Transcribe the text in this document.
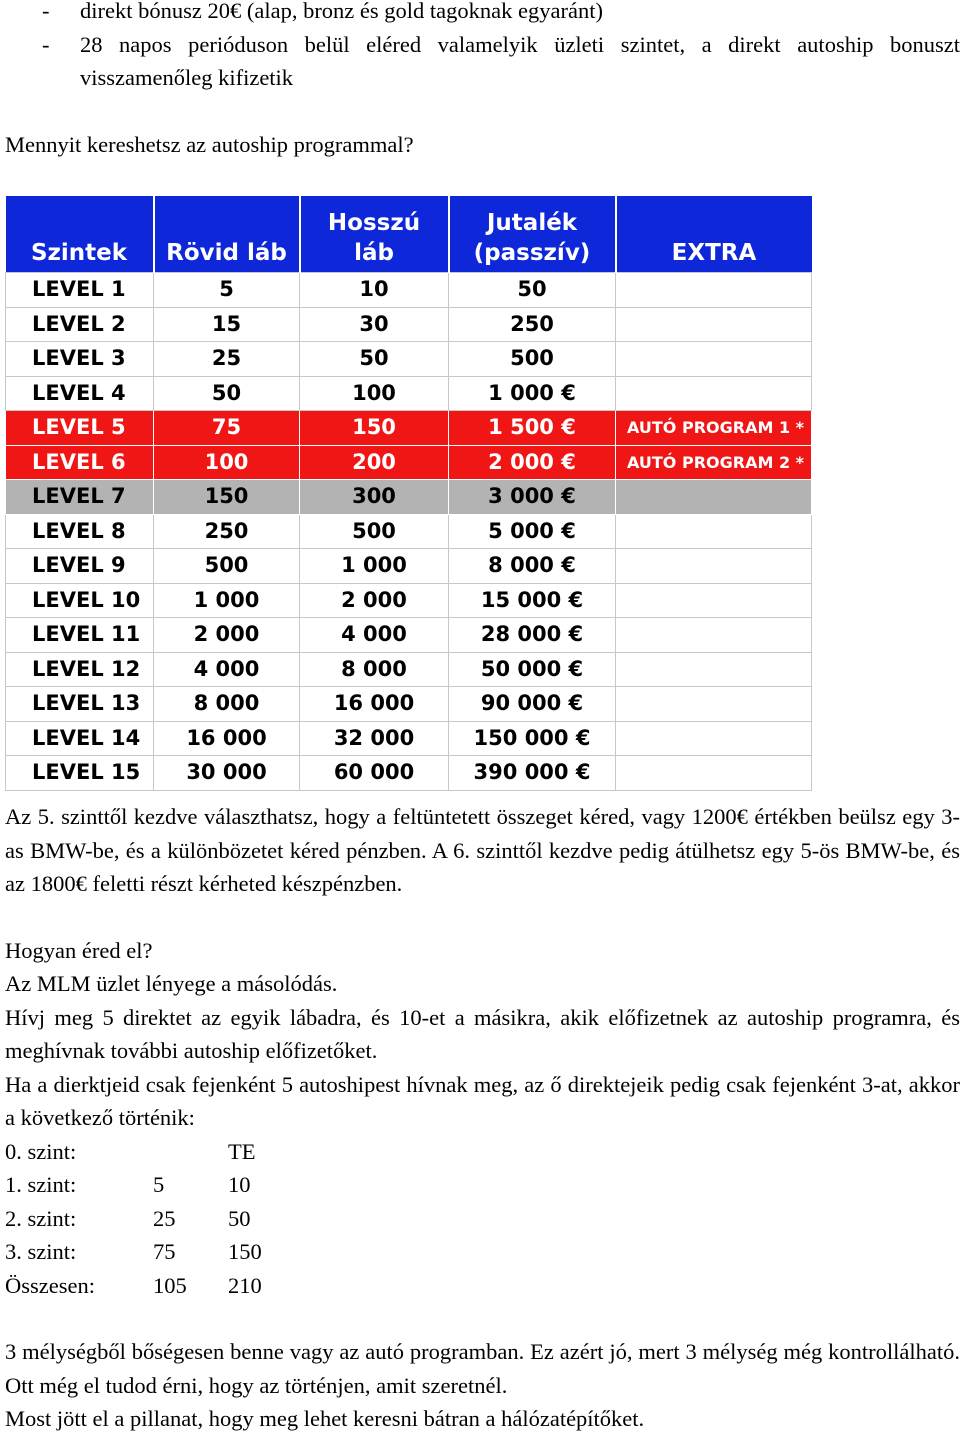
-	direkt bónusz 20€ (alap, bronz és gold tagoknak egyaránt)
-	28 napos perióduson belül eléred valamelyik üzleti szintet, a direkt autoship bonuszt visszamenőleg kifizetik

Mennyit kereshetsz az autoship programmal?

Szintek	Rövid láb	Hosszú láb	Jutalék (passzív)	EXTRA
LEVEL 1	5	10	50	
LEVEL 2	15	30	250	
LEVEL 3	25	50	500	
LEVEL 4	50	100	1 000 €	
LEVEL 5	75	150	1 500 €	AUTÓ PROGRAM 1 *
LEVEL 6	100	200	2 000 €	AUTÓ PROGRAM 2 *
LEVEL 7	150	300	3 000 €	
LEVEL 8	250	500	5 000 €	
LEVEL 9	500	1 000	8 000 €	
LEVEL 10	1 000	2 000	15 000 €	
LEVEL 11	2 000	4 000	28 000 €	
LEVEL 12	4 000	8 000	50 000 €	
LEVEL 13	8 000	16 000	90 000 €	
LEVEL 14	16 000	32 000	150 000 €	
LEVEL 15	30 000	60 000	390 000 €	

Az 5. szinttől kezdve választhatsz, hogy a feltüntetett összeget kéred, vagy 1200€ értékben beülsz egy 3-as BMW-be, és a különbözetet kéred pénzben. A 6. szinttől kezdve pedig átülhetsz egy 5-ös BMW-be, és az 1800€ feletti részt kérheted készpénzben.

Hogyan éred el?

Az MLM üzlet lényege a másolódás.

Hívj meg 5 direktet az egyik lábadra, és 10-et a másikra, akik előfizetnek az autoship programra, és meghívnak további autoship előfizetőket.

Ha a dierktjeid csak fejenként 5 autoshipest hívnak meg, az ő direktejeik pedig csak fejenként 3-at, akkor a következő történik:

0. szint:		TE
1. szint:	5	10
2. szint:	25	50
3. szint:	75	150
Összesen:	105	210

3 mélységből bőségesen benne vagy az autó programban. Ez azért jó, mert 3 mélység még kontrollálható. Ott még el tudod érni, hogy az történjen, amit szeretnél.

Most jött el a pillanat, hogy meg lehet keresni bátran a hálózatépítőket.
